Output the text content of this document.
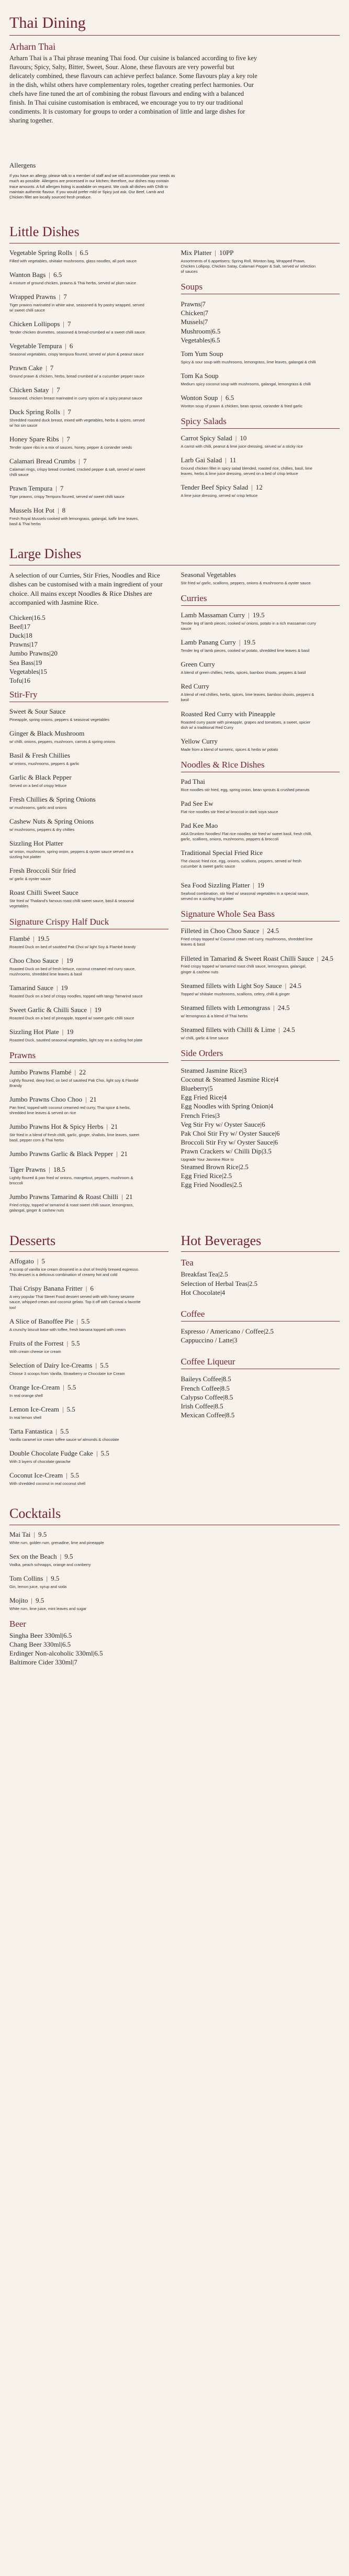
Thai Dining
Arharn Thai

Arharn Thai is a Thai phrase meaning Thai food. Our cuisine is balanced according to five key flavours; Spicy, Salty, Bitter, Sweet, Sour. Alone, these flavours are very powerful but delicately combined, these flavours can achieve perfect balance. Some flavours play a key role in the dish, whilst others have complementary roles, together creating perfect harmonies. Our chefs have fine tuned the art of combining the robust flavours and ending with a balanced finish. In Thai cuisine customisation is embraced, we encourage you to try our traditional condiments. It is customary for groups to order a combination of little and large dishes for sharing together.

Allergens

If you have an allergy, please talk to a member of staff and we will accommodate your needs as much as possible. Allergens are processed in our kitchen; therefore, our dishes may contain trace amounts. A full allergen listing is available on request. We cook all dishes with Chilli to maintain authentic flavour. If you would prefer mild or Spicy just ask. Our Beef, Lamb and Chicken fillet are locally sourced fresh produce.

Little Dishes
Vegetable Spring Rolls | 6.5
Filled with vegetables, shiitake mushrooms, glass noodles, all pork sauce
Wanton Bags | 6.5
A mixture of ground chicken, prawns & Thai herbs, served w/ plum sauce
Wrapped Prawns | 7
Tiger prawns marinated in white wine, seasoned & fry pastry wrapped, served w/ sweet chilli sauce
Chicken Lollipops | 7
Tender chicken drumettes, seasoned & bread-crumbed w/ a sweet chilli sauce
Vegetable Tempura | 6
Seasonal vegetables, crispy tempura floured, served w/ plum & peanut sauce
Prawn Cake | 7
Ground prawn & chicken, herbs, bread crumbed w/ a cucumber pepper sauce
Chicken Satay | 7
Seasoned, chicken breast marinated in curry spices w/ a spicy peanut sauce
Duck Spring Rolls | 7
Shredded roasted duck breast, mixed with vegetables, herbs & spices, served w/ hoi sin sauce
Honey Spare Ribs | 7
Tender spare ribs in a mix of sauces, honey, pepper & coriander seeds
Calamari Bread Crumbs | 7
Calamari rings, crispy bread crumbed, cracked pepper & salt, served w/ sweet chilli sauce
Prawn Tempura | 7
Tiger prawns, crispy Tempura floured, served w/ sweet chilli sauce
Mussels Hot Pot | 8
Fresh Royal Mussels cooked with lemongrass, galangal, kaffir lime leaves, basil & Thai herbs
Mix Platter | 10PP
Assortments of 6 appetisers; Spring Roll, Wonton bag, Wrapped Prawn, Chicken Lollipop, Chicken Satay, Calamari Pepper & Salt, served w/ selection of sauces
Soups
Prawns|7
Chicken|7
Mussels|7
Mushroom|6.5
Vegetables|6.5
Tom Yum Soup
Spicy & sour soup with mushrooms, lemongrass, lime leaves, galangal & chilli
Tom Ka Soup
Medium spicy coconut soup with mushrooms, galangal, lemongrass & chilli
Wonton Soup | 6.5
Wonton soup of prawn & chicken, bean sprout, coriander & fried garlic
Spicy Salads
Carrot Spicy Salad | 10
A carrot with chilli, peanut & lime juice dressing, served w/ a sticky rice
Larb Gai Salad | 11
Ground chicken fillet in spicy salad blended, roasted rice, chillies, basil, lime leaves, herbs & lime juice dressing, served on a bed of crisp lettuce
Tender Beef Spicy Salad | 12
A lime juice dressing, served w/ crisp lettuce
Large Dishes

A selection of our Curries, Stir Fries, Noodles and Rice dishes can be customised with a main ingredient of your choice. All mains except Noodles & Rice Dishes are accompanied with Jasmine Rice.

Chicken|16.5
Beef|17
Duck|18
Prawns|17
Jumbo Prawns|20
Sea Bass|19
Vegetables|15
Tofu|16
Stir-Fry
Sweet & Sour Sauce
Pineapple, spring onions, peppers & seasonal vegetables
Ginger & Black Mushroom
w/ chilli, onions, peppers, mushroom, carrots & spring onions
Basil & Fresh Chillies
w/ onions, mushrooms, peppers & garlic
Garlic & Black Pepper
Served on a bed of crispy lettuce
Fresh Chillies & Spring Onions
w/ mushrooms, garlic and onions
Cashew Nuts & Spring Onions
w/ mushrooms, peppers & dry chillies
Sizzling Hot Platter
w/ onion, mushroom, spring onion, peppers & oyster sauce served on a sizzling hot platter
Fresh Broccoli Stir fried
w/ garlic & oyster sauce
Roast Chilli Sweet Sauce
Stir fried w/ Thailand's famous roast chilli sweet sauce, basil & seasonal vegetables
Signature Crispy Half Duck
Flambé | 19.5
Roasted Duck on bed of sautéed Pak Choi w/ light Soy & Flambé brandy
Choo Choo Sauce | 19
Roasted Duck on bed of fresh lettuce, coconut creamed red curry sauce, mushrooms, shredded lime leaves & basil
Tamarind Sauce | 19
Roasted Duck on a bed of crispy noodles, topped with tangy Tamarind sauce
Sweet Garlic & Chilli Sauce | 19
Roasted Duck on a bed of pineapple, topped w/ sweet garlic chilli sauce
Sizzling Hot Plate | 19
Roasted Duck, sautéed seasonal vegetables, light soy on a sizzling hot plate
Prawns
Jumbo Prawns Flambé | 22
Lightly floured, deep fried, on bed of sautéed Pak Choi, light soy & Flambé Brandy
Jumbo Prawns Choo Choo | 21
Pan fried, topped with coconut creamed red curry, Thai spice & herbs, shredded lime leaves & served on rice
Jumbo Prawns Hot & Spicy Herbs | 21
Stir fried in a blend of fresh chilli, garlic, ginger, shallots, lime leaves, sweet basil, pepper corn & Thai herbs
Jumbo Prawns Garlic & Black Pepper | 21
Tiger Prawns | 18.5
Lightly floured & pan fried w/ onions, mangetout, peppers, mushroom & broccoli
Jumbo Prawns Tamarind & Roast Chilli | 21
Fried crispy, topped w/ tamarind & roast sweet chilli sauce, lemongrass, galangal, ginger & cashew nuts
Seasonal Vegetables
Stir fried w/ garlic, scallions, peppers, onions & mushrooms & oyster sauce
Curries
Lamb Massaman Curry | 19.5
Tender leg of lamb pieces, cooked w/ onions, potato in a rich massaman curry sauce
Lamb Panang Curry | 19.5
Tender leg of lamb pieces, cooked w/ potato, shredded lime leaves & basil
Green Curry
A blend of green chillies, herbs, spices, bamboo shoots, peppers & basil
Red Curry
A blend of red chillies, herbs, spices, lime leaves, bamboo shoots, peppers & basil
Roasted Red Curry with Pineapple
Roasted curry paste with pineapple, grapes and tomatoes, a sweet, spicier dish w/ a traditional Red Curry
Yellow Curry
Made from a blend of turmeric, spices & herbs w/ potato
Noodles & Rice Dishes
Pad Thai
Rice noodles stir fried, egg, spring onion, bean sprouts & crushed peanuts
Pad See Ew
Flat rice noodles stir fried w/ broccoli in dark soya sauce
Pad Kee Mao
AKA Drunken Noodles! Flat rice noodles stir fried w/ sweet basil, fresh chilli, garlic, scallions, onions, mushrooms, peppers & broccoli
Traditional Special Fried Rice
The classic fried rice, egg, onions, scallions, peppers, served w/ fresh cucumber & sweet garlic sauce
Sea Food Sizzling Platter | 19
Seafood combination, stir fried w/ seasonal vegetables in a special sauce, served on a sizzling hot platter
Signature Whole Sea Bass
Filleted in Choo Choo Sauce | 24.5
Fried crispy topped w/ Coconut cream red curry, mushrooms, shredded lime leaves & basil
Filleted in Tamarind & Sweet Roast Chilli Sauce | 24.5
Fried crispy topped w/ tamarind roast chilli sauce, lemongrass, galangal, ginger & cashew nuts
Steamed fillets with Light Soy Sauce | 24.5
Topped w/ shiitake mushrooms, scallions, celery, chilli & ginger
Steamed fillets with Lemongrass | 24.5
w/ lemongrass & a blend of Thai herbs
Steamed fillets with Chilli & Lime | 24.5
w/ chilli, garlic & lime sauce
Side Orders
Steamed Jasmine Rice|3
Coconut & Steamed Jasmine Rice|4
Blueberry|5
Egg Fried Rice|4
Egg Noodles with Spring Onion|4
French Fries|3
Veg Stir Fry w/ Oyster Sauce|6
Pak Choi Stir Fry w/ Oyster Sauce|6
Broccoli Stir Fry w/ Oyster Sauce|6
Prawn Crackers w/ Chilli Dip|3.5
Upgrade Your Jasmine Rice to
Steamed Brown Rice|2.5
Egg Fried Rice|2.5
Egg Fried Noodles|2.5
Desserts
Affogato | 5
A scoop of vanilla ice cream drowned in a shot of freshly brewed espresso. This dessert is a delicious combination of creamy hot and cold
Thai Crispy Banana Fritter | 6
A very popular Thai Street Food dessert served with with honey sesame sauce, whipped cream and coconut gelato. Top it off with Carnival a favorite too!
A Slice of Banoffee Pie | 5.5
A crunchy biscuit base with toffee, fresh banana topped with cream
Fruits of the Forrest | 5.5
With cream cheese ice cream
Selection of Dairy Ice-Creams | 5.5
Choose 3 scoops from Vanilla, Strawberry or Chocolate Ice Cream
Orange Ice-Cream | 5.5
In real orange shell
Lemon Ice-Cream | 5.5
In real lemon shell
Tarta Fantastica | 5.5
Vanilla caramel ice cream toffee sauce w/ almonds & chocolate
Double Chocolate Fudge Cake | 5.5
With 3 layers of chocolate ganache
Coconut Ice-Cream | 5.5
With shredded coconut in real coconut shell
Hot Beverages
Tea
Breakfast Tea|2.5
Selection of Herbal Teas|2.5
Hot Chocolate|4
Coffee
Espresso / Americano / Coffee|2.5
Cappuccino / Latte|3
Coffee Liqueur
Baileys Coffee|8.5
French Coffee|8.5
Calypso Coffee|8.5
Irish Coffee|8.5
Mexican Coffee|8.5
Cocktails
Mai Tai | 9.5
White rum, golden rum, grenadine, lime and pineapple
Sex on the Beach | 9.5
Vodka, peach schnapps, orange and cranberry
Tom Collins | 9.5
Gin, lemon juice, syrup and soda
Mojito | 9.5
White rum, lime juice, mint leaves and sugar
Beer
Singha Beer 330ml|6.5
Chang Beer 330ml|6.5
Erdinger Non-alcoholic 330ml|6.5
Baltimore Cider 330ml|7
